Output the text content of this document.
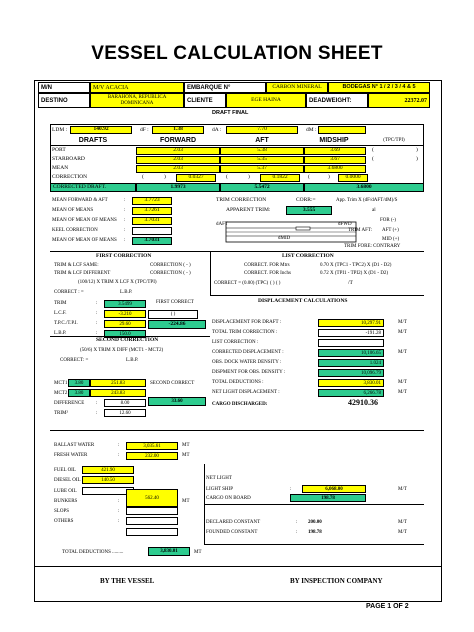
VESSEL CALCULATION SHEET
M/N	M/V ACACIA	EMBARQUE N°	CARBON MINERAL	BODEGAS N° 1 / 2 / 3 / 4 & 5
DESTINO	BARAHONA, REPUBLICA DOMINICANA	CLIENTE	EGE HAINA	DEADWEIGHT:	22372.07
DRAFT FINAL
LDM :	140.92	dF :	1.38	dA :	7.70	dM :
DRAFTS	FORWARD	AFT	MIDSHIP	(TPC/TPI)
PORT	2.03	5.38	3.69	(	)
STARBOARD	2.03	5.35	3.67	(	)
MEAN	2.03	5.37	3.6800
CORRECTION	(	)	0.0327	(	)	0.1822	(	)	0.0000
CORRECTED DRAFT.	1.9973	5.5472	3.6800
MEAN FORWARD & AFT	:	3.7723
MEAN OF MEANS	:	3.7261
MEAN OF MEAN OF MEANS :	3.7031
KEEL CORRECTION	:
MEAN OF MEAN OF MEANS :	3.7031
TRIM CORRECTION	CORR:=	App. Trim X (dF/dAFT/dM)/S
APPARENT TRIM:	3.555	al
dAFT
dMID
dFWD
FOR (-)
TRIM AFT: AFT (+)
MID (+)
TRIM FORE: CONTRARY
FIRST CORRECTION
TRIM & LCF SAME:	CORRECTION ( - )
TRIM & LCF DIFFERENT	CORRECTION ( - )
(100/12) X TRIM X LCF X (TPC/TPI)
CORRECT : =	L.B.P.
TRIM	:	3.5499
L.C.F.	:	-3.210
T.P.C./T.P.I.	:	29.60
L.B.P.	:	150.0
FIRST CORRECT
( )
-224.86
LIST CORRECTION
CORRECT. FOR Mtrs	0.70 X (TPC1 - TPC2) X (D1 - D2)
CORRECT. FOR Inchs	0.72 X (TPI1 - TPI2) X (D1 - D2)
CORRECT = (0.00) (TPC) ( ) ( )	/T
DISPLACEMENT CALCULATIONS
DISPLACEMENT FOR DRAFT :	10,297.91	M/T
TOTAL TRIM CORRECTION :	-191.28	M/T
LIST CORRECTION :
CORRECTED DISPLACEMENT :	10,106.65	M/T
OBS. DOCK WATER DENSITY :	1.024
DISPMENT FOR OBS. DENSITY :	10,096.79
TOTAL DEDUCTIONS :	3,830.01	M/T
NET LIGHT DISPLACEMENT :	6,266.78	M/T
CARGO DISCHARGED:	42910.36
SECOND CORRECTION
(50/6) X TRIM X DIFF (MCT1 - MCT2)
CORRECT: =	L.B.P.
MCT1	3.80	251.83	SECOND CORRECT
MCT2	3.80	243.83
33.60
DIFFERENCE :	8.00
TRIM²	:	12.60
BALLAST WATER	:	3,035.61	MT
FRESH WATER	:	232.00	MT
FUEL OIL	421.90
DIESEL OIL	140.50
LUBE OIL
BUNKERS	:
562.40
MT
SLOPS	:
OTHERS	:
TOTAL DEDUCTIONS .........	3,830.01	MT
NET LIGHT
LIGHT SHIP	:	6,068.00	M/T
CARGO ON BOARD	198.78
DECLARED CONSTANT	: 200.00	M/T
FOUNDED CONSTANT	: 198.78	M/T
BY THE VESSEL	BY INSPECTION COMPANY
PAGE 1 OF 2
